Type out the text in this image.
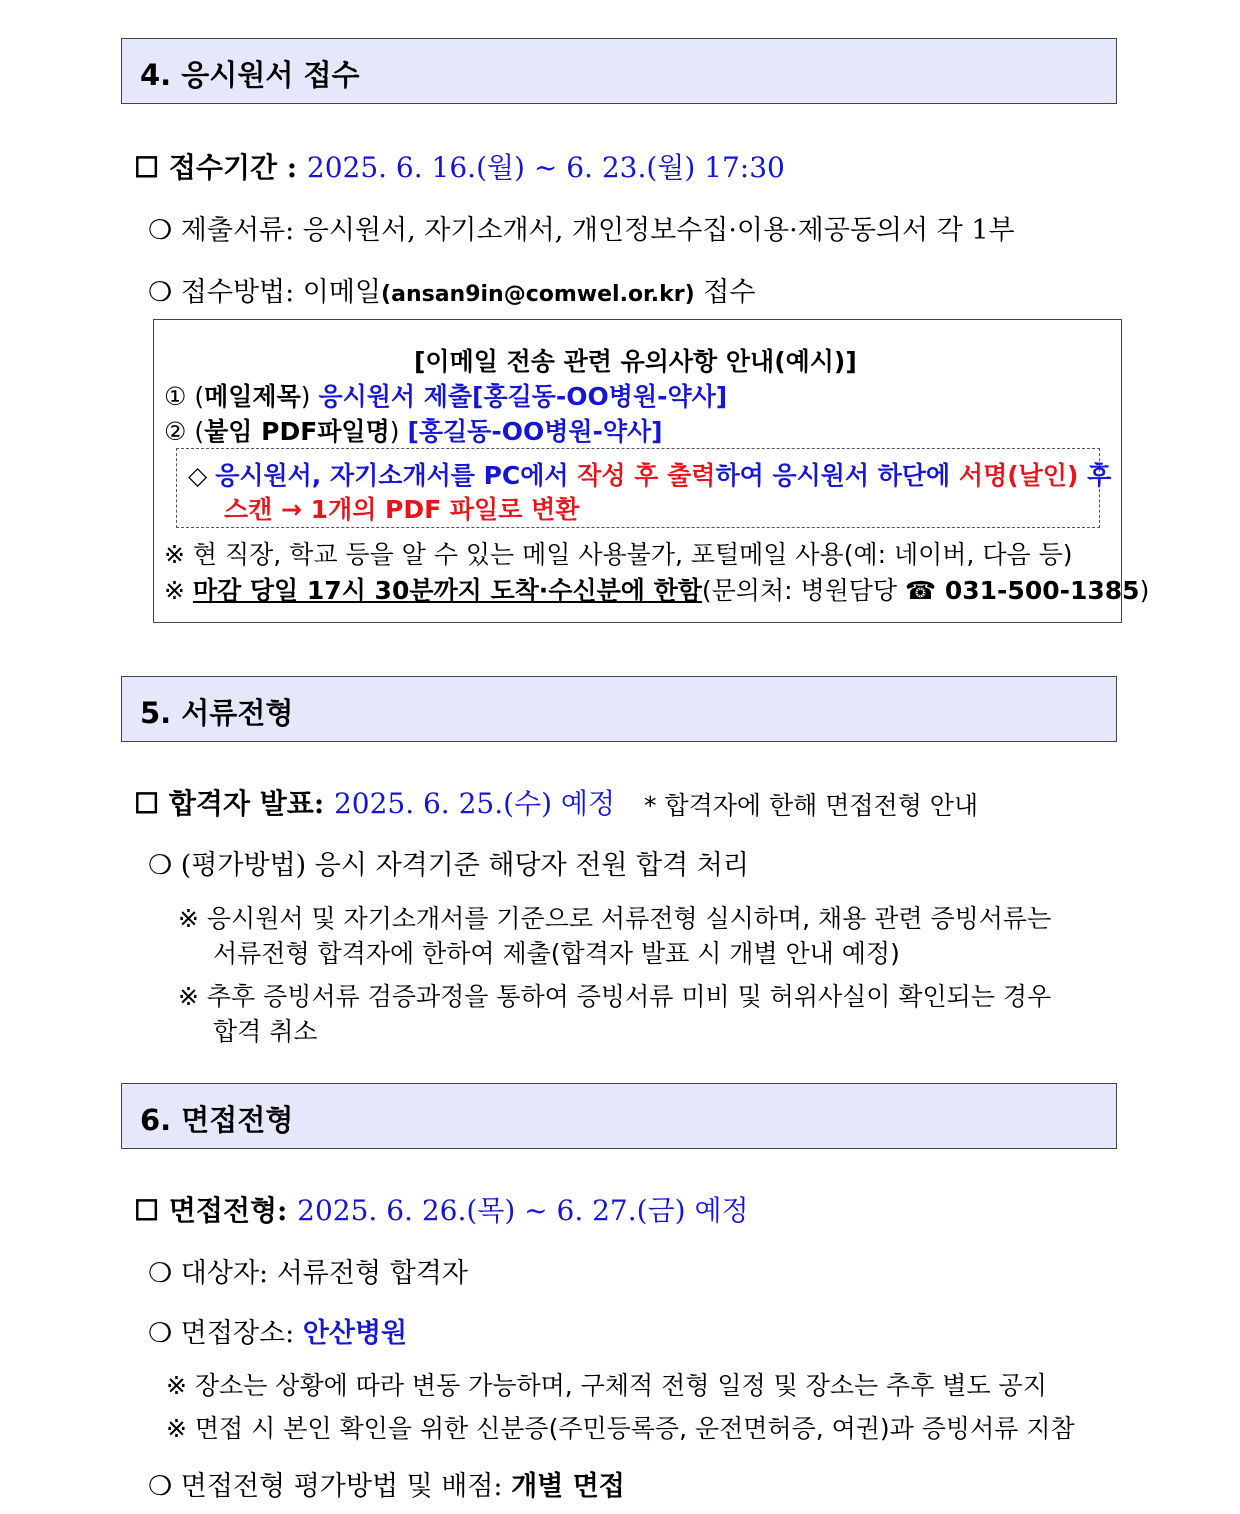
4. 응시원서 접수
☐ 접수기간 : 2025. 6. 16.(월) ~ 6. 23.(월) 17:30
❍ 제출서류: 응시원서, 자기소개서, 개인정보수집·이용·제공동의서 각 1부
❍ 접수방법: 이메일(ansan9in@comwel.or.kr) 접수
[이메일 전송 관련 유의사항 안내(예시)]
① (메일제목) 응시원서 제출[홍길동-OO병원-약사]
② (붙임 PDF파일명) [홍길동-OO병원-약사]
◇ 응시원서, 자기소개서를 PC에서 작성 후 출력하여 응시원서 하단에 서명(날인) 후
스캔 → 1개의 PDF 파일로 변환
※ 현 직장, 학교 등을 알 수 있는 메일 사용불가, 포털메일 사용(예: 네이버, 다음 등)
※ 마감 당일 17시 30분까지 도착·수신분에 한함(문의처: 병원담당 ☎ 031-500-1385)
5. 서류전형
☐ 합격자 발표: 2025. 6. 25.(수) 예정 * 합격자에 한해 면접전형 안내
❍ (평가방법) 응시 자격기준 해당자 전원 합격 처리
※ 응시원서 및 자기소개서를 기준으로 서류전형 실시하며, 채용 관련 증빙서류는
서류전형 합격자에 한하여 제출(합격자 발표 시 개별 안내 예정)
※ 추후 증빙서류 검증과정을 통하여 증빙서류 미비 및 허위사실이 확인되는 경우
합격 취소
6. 면접전형
☐ 면접전형: 2025. 6. 26.(목) ~ 6. 27.(금) 예정
❍ 대상자: 서류전형 합격자
❍ 면접장소: 안산병원
※ 장소는 상황에 따라 변동 가능하며, 구체적 전형 일정 및 장소는 추후 별도 공지
※ 면접 시 본인 확인을 위한 신분증(주민등록증, 운전면허증, 여권)과 증빙서류 지참
❍ 면접전형 평가방법 및 배점: 개별 면접
